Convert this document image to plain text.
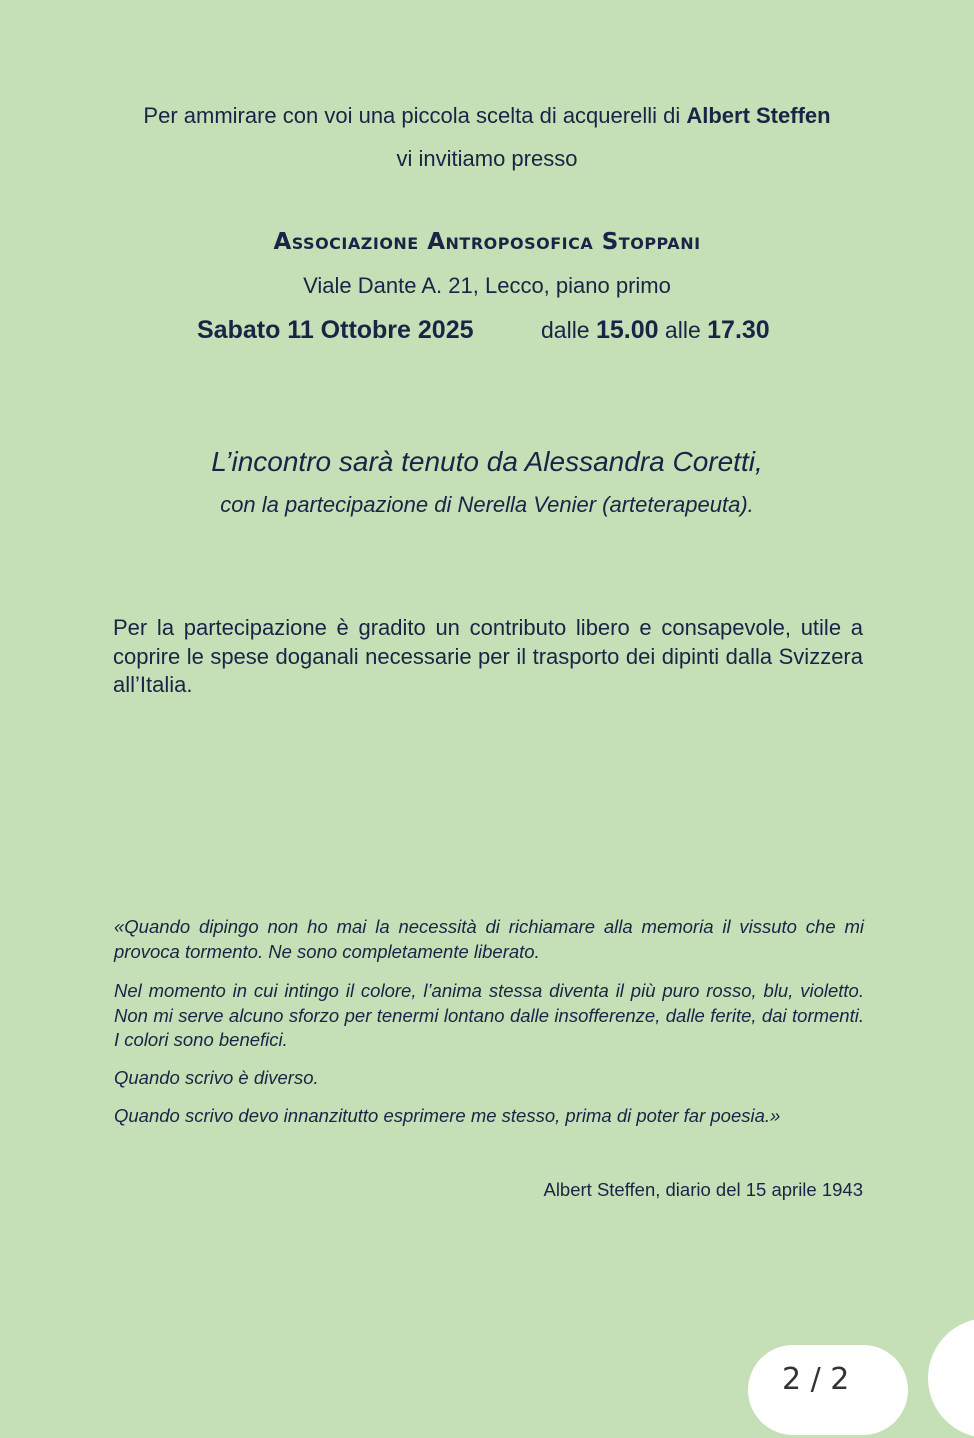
Per ammirare con voi una piccola scelta di acquerelli di Albert Steffen
vi invitiamo presso
Associazione Antroposofica Stoppani
Viale Dante A. 21, Lecco, piano primo
Sabato 11 Ottobre 2025	dalle 15.00 alle 17.30
L’incontro sarà tenuto da Alessandra Coretti,
con la partecipazione di Nerella Venier (arteterapeuta).
Per la partecipazione è gradito un contributo libero e consapevole, utile a coprire le spese doganali necessarie per il trasporto dei dipinti dalla Svizzera all’Italia.

«Quando dipingo non ho mai la necessità di richiamare alla memoria il vissuto che mi provoca tormento. Ne sono completamente liberato.

Nel momento in cui intingo il colore, l’anima stessa diventa il più puro rosso, blu, violetto. Non mi serve alcuno sforzo per tenermi lontano dalle insofferenze, dalle ferite, dai tormenti. I colori sono benefici.

Quando scrivo è diverso.

Quando scrivo devo innanzitutto esprimere me stesso, prima di poter far poesia.»

Albert Steffen, diario del 15 aprile 1943
2 / 2
